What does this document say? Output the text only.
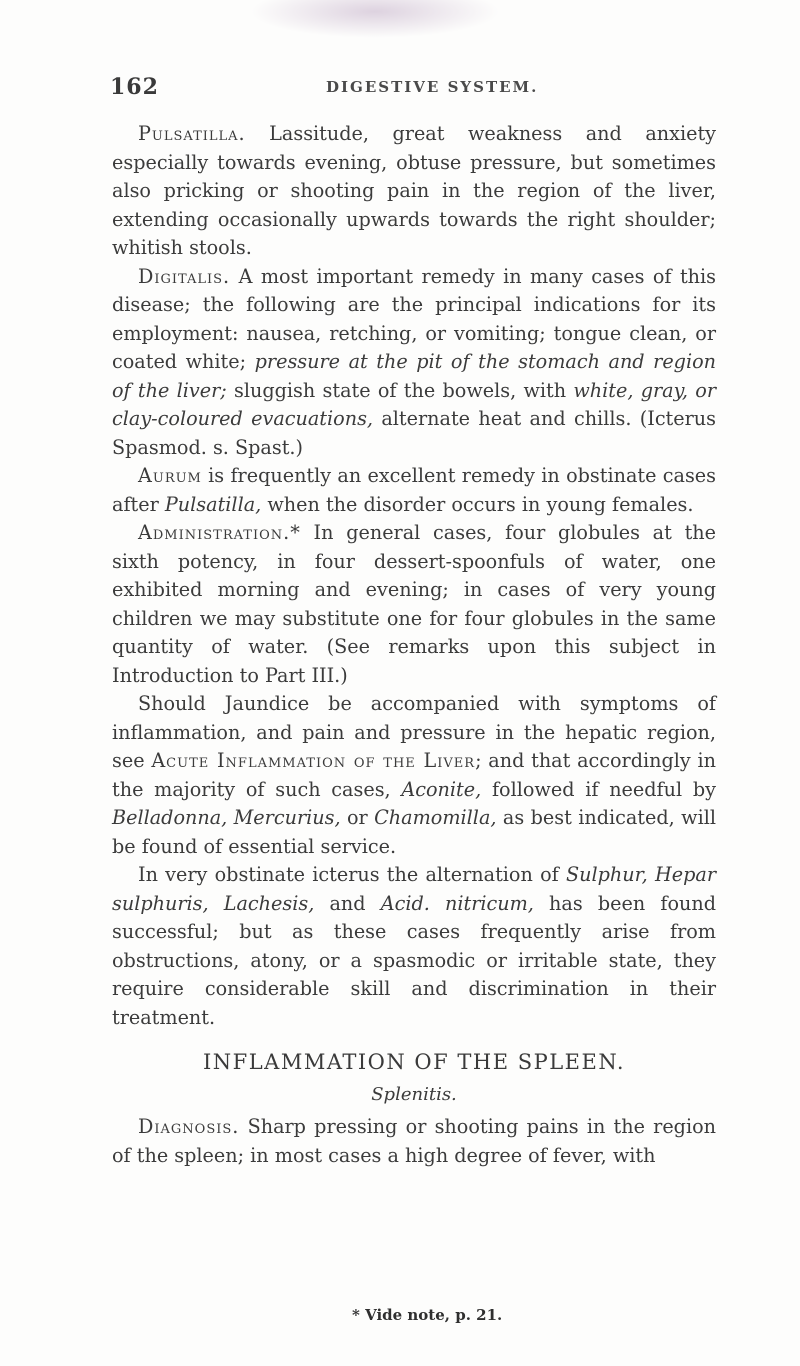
162	DIGESTIVE SYSTEM.

Pulsatilla. Lassitude, great weakness and anxiety especially towards evening, obtuse pressure, but sometimes also pricking or shooting pain in the region of the liver, extending occasionally upwards towards the right shoulder; whitish stools.

Digitalis. A most important remedy in many cases of this disease; the following are the principal indications for its employment: nausea, retching, or vomiting; tongue clean, or coated white; pressure at the pit of the stomach and region of the liver; sluggish state of the bowels, with white, gray, or clay-coloured evacuations, alternate heat and chills. (Icterus Spasmod. s. Spast.)

Aurum is frequently an excellent remedy in obstinate cases after Pulsatilla, when the disorder occurs in young females.

Administration.* In general cases, four globules at the sixth potency, in four dessert-spoonfuls of water, one exhibited morning and evening; in cases of very young children we may substitute one for four globules in the same quantity of water. (See remarks upon this subject in Introduction to Part III.)

Should Jaundice be accompanied with symptoms of inflammation, and pain and pressure in the hepatic region, see Acute Inflammation of the Liver; and that accordingly in the majority of such cases, Aconite, followed if needful by Belladonna, Mercurius, or Chamomilla, as best indicated, will be found of essential service.

In very obstinate icterus the alternation of Sulphur, Hepar sulphuris, Lachesis, and Acid. nitricum, has been found successful; but as these cases frequently arise from obstructions, atony, or a spasmodic or irritable state, they require considerable skill and discrimination in their treatment.

INFLAMMATION OF THE SPLEEN.
Splenitis.

Diagnosis. Sharp pressing or shooting pains in the region of the spleen; in most cases a high degree of fever, with

* Vide note, p. 21.
